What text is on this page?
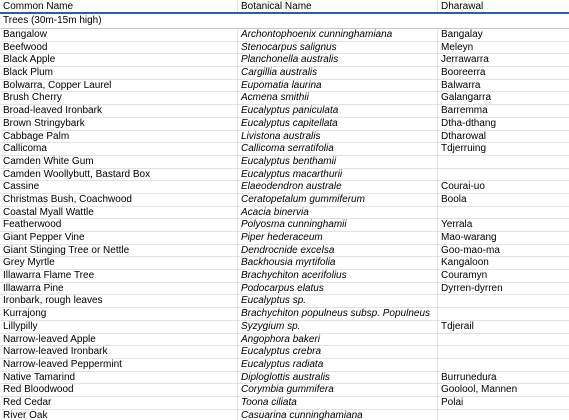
Common Name	Botanical Name	Dharawal
Trees (30m-15m high)
Bangalow	Archontophoenix cunninghamiana	Bangalay
Beefwood	Stenocarpus salignus	Meleyn
Black Apple	Planchonella australis	Jerrawarra
Black Plum	Cargillia australis	Booreerra
Bolwarra, Copper Laurel	Eupomatia laurina	Balwarra
Brush Cherry	Acmena smithii	Galangarra
Broad-leaved Ironbark	Eucalyptus paniculata	Barremma
Brown Stringybark	Eucalyptus capitellata	Dtha-dthang
Cabbage Palm	Livistona australis	Dtharowal
Callicoma	Callicoma serratifolia	Tdjerruing
Camden White Gum	Eucalyptus benthamii
Camden Woollybutt, Bastard Box	Eucalyptus macarthurii
Cassine	Elaeodendron australe	Courai-uo
Christmas Bush, Coachwood	Ceratopetalum gummiferum	Boola
Coastal Myall Wattle	Acacia binervia
Featherwood	Polyosma cunninghamii	Yerrala
Giant Pepper Vine	Piper hederaceum	Mao-warang
Giant Stinging Tree or Nettle	Dendrocnide excelsa	Goo-mao-ma
Grey Myrtle	Backhousia myrtifolia	Kangaloon
Illawarra Flame Tree	Brachychiton acerifolius	Couramyn
Illawarra Pine	Podocarpus elatus	Dyrren-dyrren
Ironbark, rough leaves	Eucalyptus sp.
Kurrajong	Brachychiton populneus subsp. Populneus
Lillypilly	Syzygium sp.	Tdjerail
Narrow-leaved Apple	Angophora bakeri
Narrow-leaved Ironbark	Eucalyptus crebra
Narrow-leaved Peppermint	Eucalyptus radiata
Native Tamarind	Diploglottis australis	Burrunedura
Red Bloodwood	Corymbia gummifera	Goolool, Mannen
Red Cedar	Toona ciliata	Polai
River Oak	Casuarina cunninghamiana
